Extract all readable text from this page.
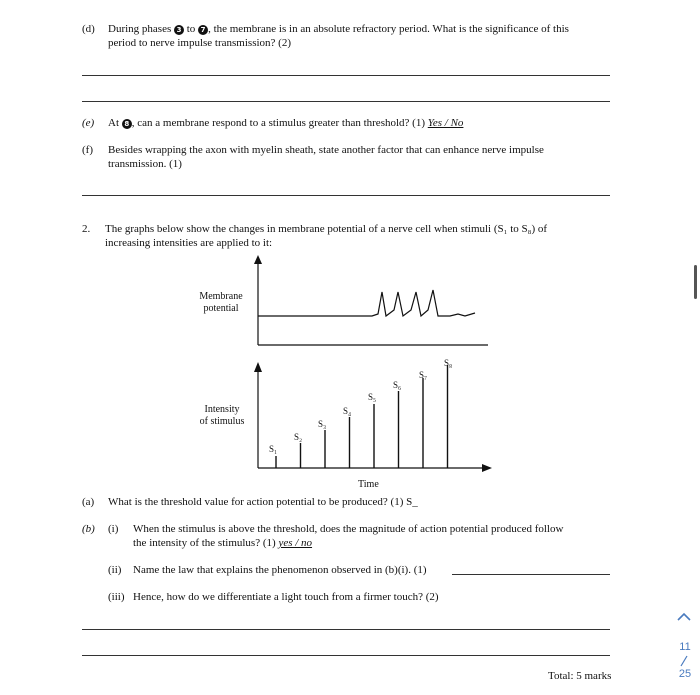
(d) During phases 3 to 7 , the membrane is in an absolute refractory period. What is the significance of this
period to nerve impulse transmission? (2)
(e) At 8 , can a membrane respond to a stimulus greater than threshold? (1) Yes / No
(f) Besides wrapping the axon with myelin sheath, state another factor that can enhance nerve impulse
transmission. (1)
2. The graphs below show the changes in membrane potential of a nerve cell when stimuli (S₁ to S₈) of
increasing intensities are applied to it:
Membrane
potential
Intensity
of stimulus
Time
S₁
S₂
S₃
S₄
S₅
S₆
S₇
S₈
(a) What is the threshold value for action potential to be produced? (1) S_
(b) (i) When the stimulus is above the threshold, does the magnitude of action potential produced follow
the intensity of the stimulus? (1) yes / no
(ii) Name the law that explains the phenomenon observed in (b)(i). (1)
(iii) Hence, how do we differentiate a light touch from a firmer touch? (2)
Total: 5 marks
11
25
